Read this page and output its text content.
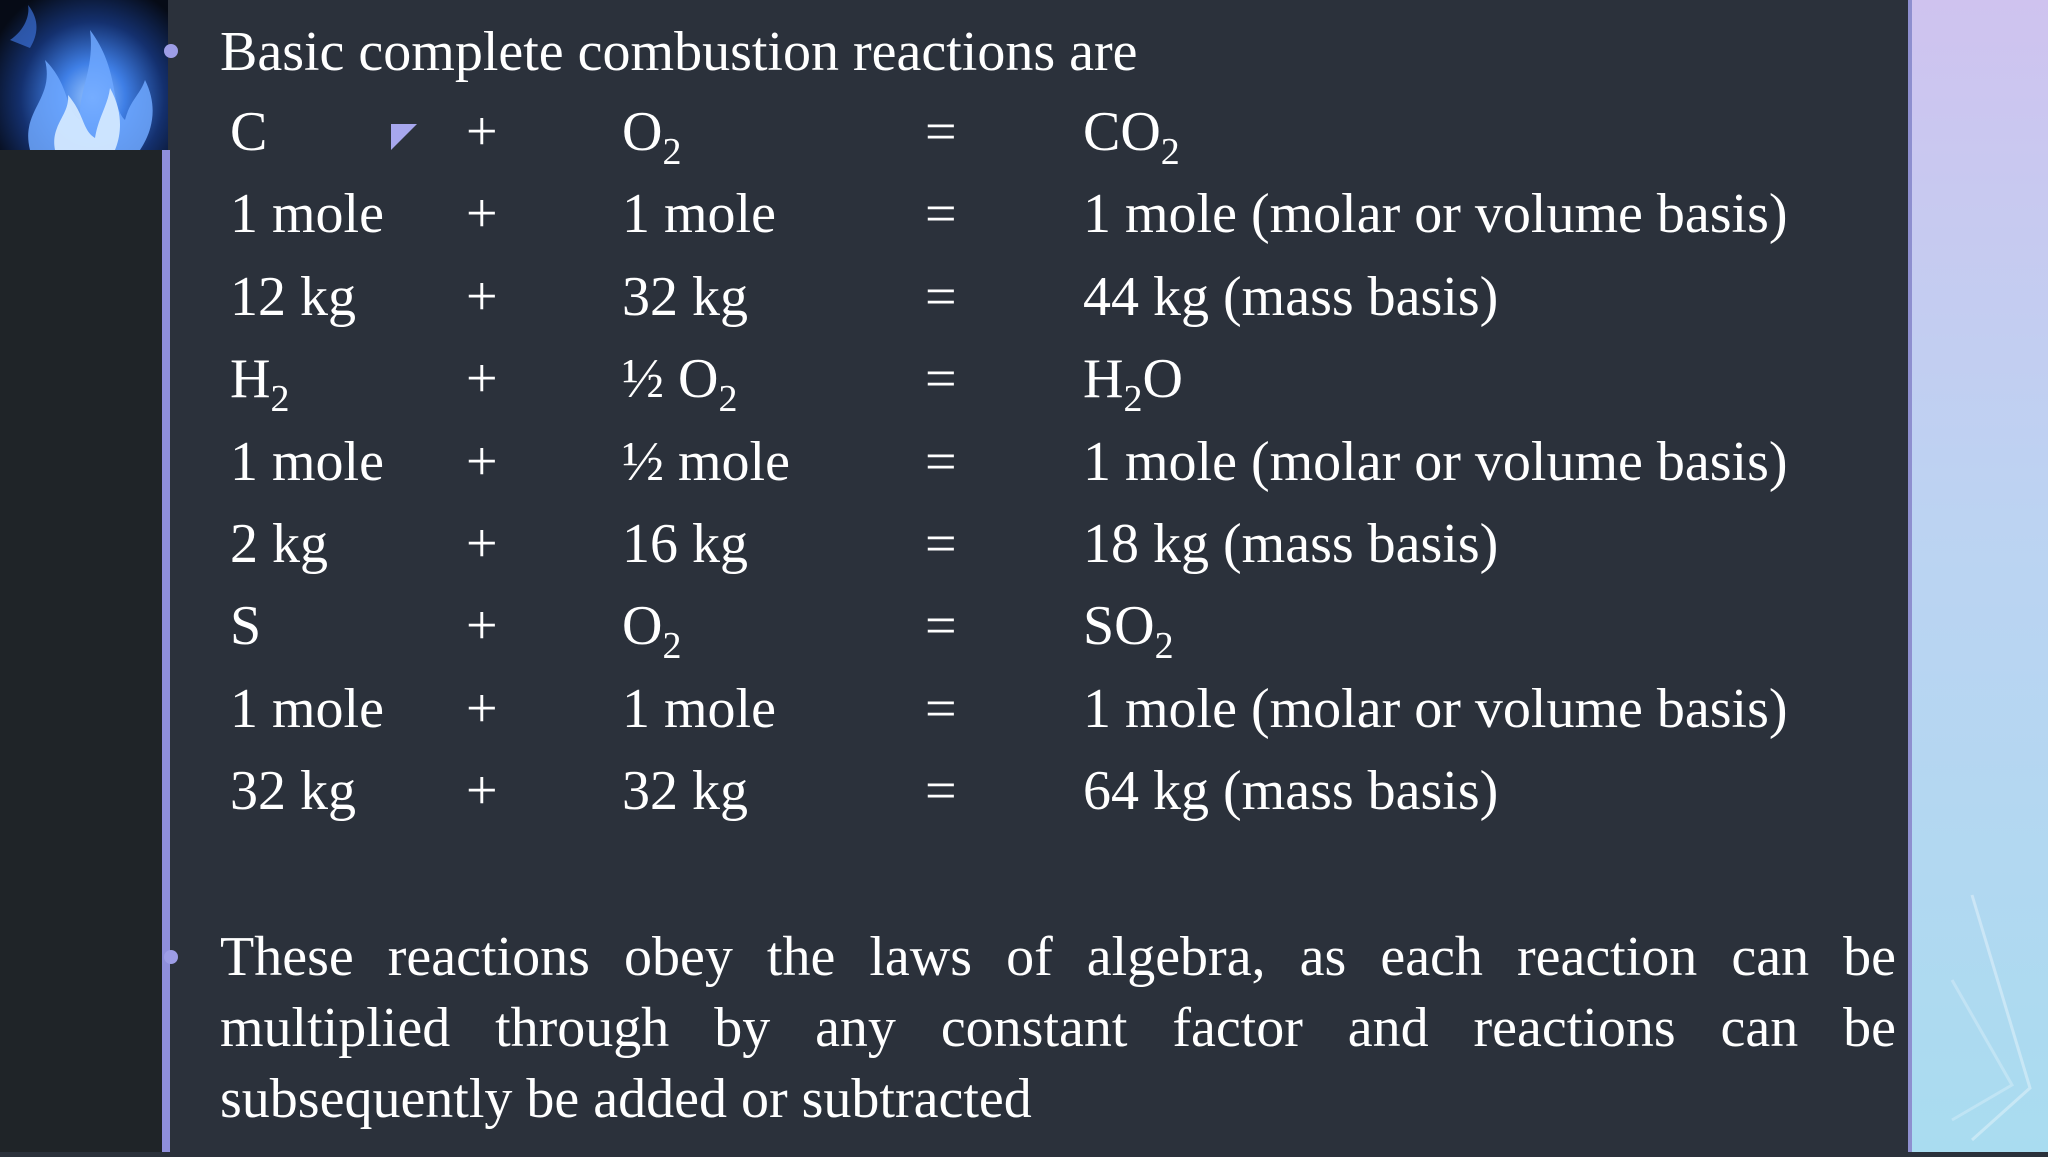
Basic complete combustion reactions are
C	+ $O_2$	= $CO_2$
1 mole + 1 mole	= 1 mole (molar or volume basis)
12 kg + 32 kg	= 44 kg (mass basis)
$H_2$	+ ½ $O_2$	= $H_2O$
1 mole + ½ mole = 1 mole (molar or volume basis)
2 kg + 16 kg	= 18 kg (mass basis)
S	+ $O_2$	= $SO_2$
1 mole + 1 mole	= 1 mole (molar or volume basis)
32 kg + 32 kg	= 64 kg (mass basis)
These reactions obey the laws of algebra, as each reaction can be multiplied through by any constant factor and reactions can be subsequently be added or subtracted
